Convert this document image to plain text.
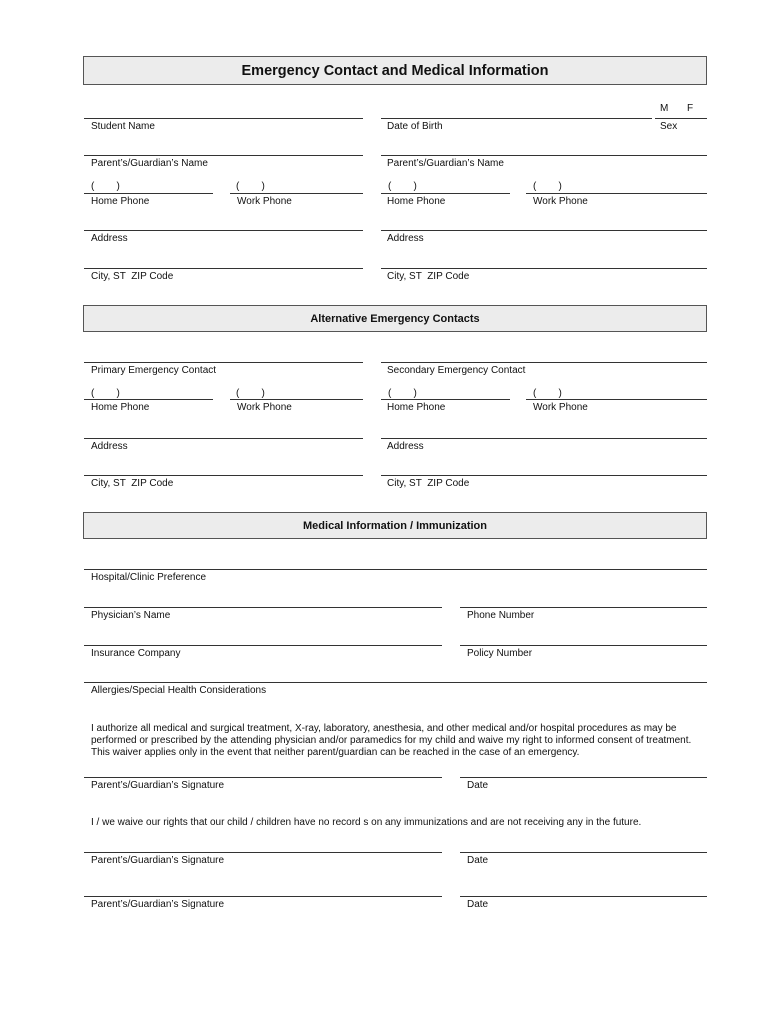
Emergency Contact and Medical Information
M F
Student Name	Date of Birth	Sex
Parent’s/Guardian’s Name	Parent’s/Guardian’s Name
(        )	(        )	(        )	(        )
Home Phone	Work Phone	Home Phone	Work Phone
Address	Address
City, ST  ZIP Code	City, ST  ZIP Code
Alternative Emergency Contacts
Primary Emergency Contact	Secondary Emergency Contact
(        )	(        )	(        )	(        )
Home Phone	Work Phone	Home Phone	Work Phone
Address	Address
City, ST  ZIP Code	City, ST  ZIP Code
Medical Information / Immunization
Hospital/Clinic Preference
Physician’s Name	Phone Number
Insurance Company	Policy Number
Allergies/Special Health Considerations
I authorize all medical and surgical treatment, X-ray, laboratory, anesthesia, and other medical and/or hospital procedures as may be performed or prescribed by the attending physician and/or paramedics for my child and waive my right to informed consent of treatment. This waiver applies only in the event that neither parent/guardian can be reached in the case of an emergency.
Parent’s/Guardian’s Signature	Date
I / we waive our rights that our child / children have no record s on any immunizations and are not receiving any in the future.
Parent’s/Guardian’s Signature	Date
Parent’s/Guardian’s Signature	Date
